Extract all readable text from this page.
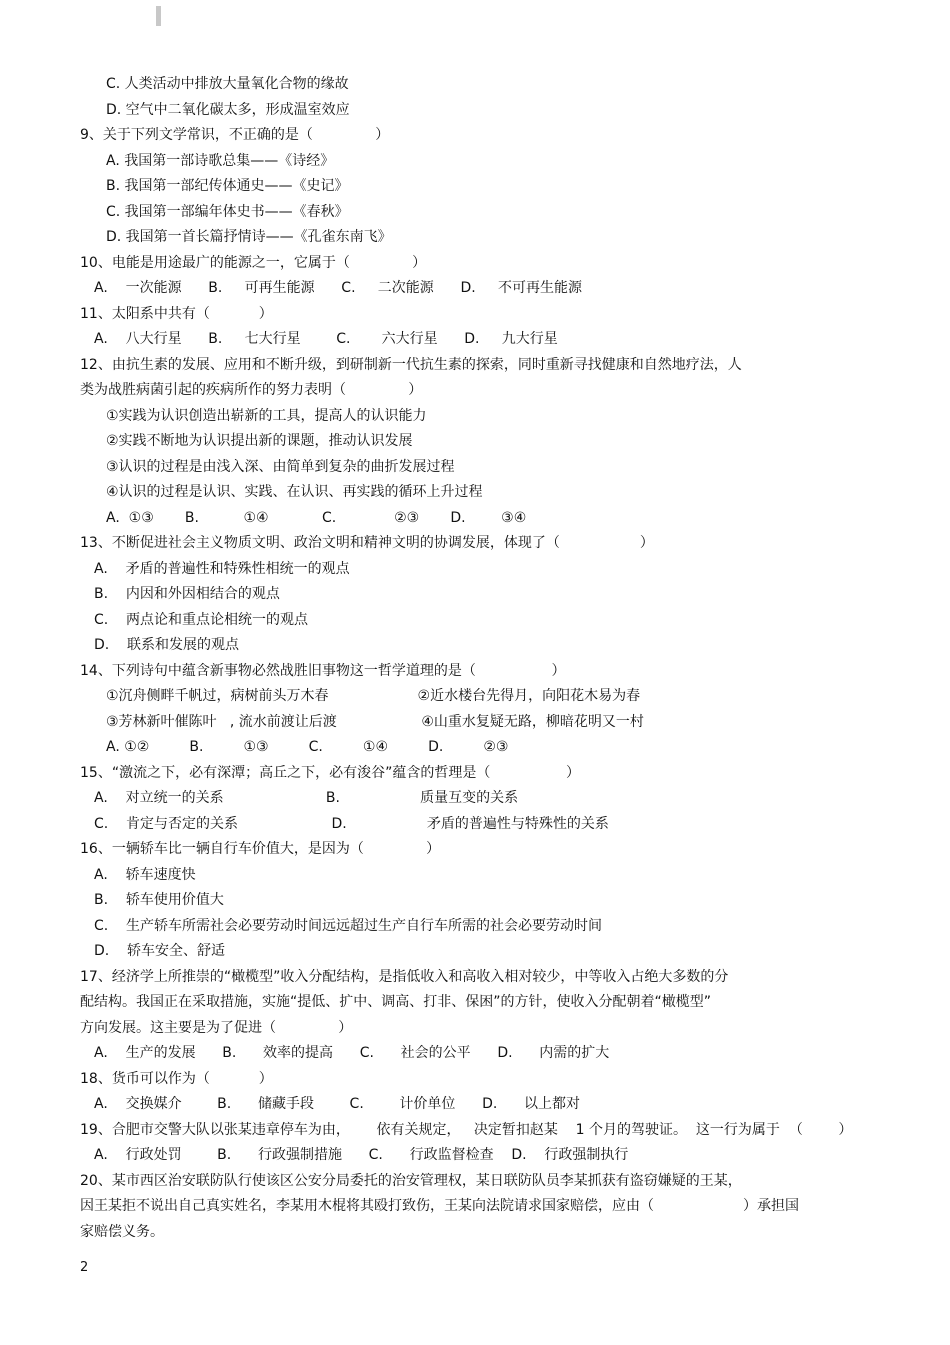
C. 人类活动中排放大量氧化合物的缘故
D. 空气中二氧化碳太多，形成温室效应
9、关于下列文学常识，不正确的是（              ）
A. 我国第一部诗歌总集——《诗经》
B. 我国第一部纪传体通史——《史记》
C. 我国第一部编年体史书——《春秋》
D. 我国第一首长篇抒情诗——《孔雀东南飞》
10、电能是用途最广的能源之一，它属于（              ）
A.    一次能源      B.     可再生能源      C.     二次能源      D.     不可再生能源
11、太阳系中共有（           ）
A.    八大行星      B.     七大行星        C.       六大行星      D.     九大行星
12、由抗生素的发展、应用和不断升级，到研制新一代抗生素的探索，同时重新寻找健康和自然地疗法，人
类为战胜病菌引起的疾病所作的努力表明（              ）
①实践为认识创造出崭新的工具，提高人的认识能力
②实践不断地为认识提出新的课题，推动认识发展
③认识的过程是由浅入深、由简单到复杂的曲折发展过程
④认识的过程是认识、实践、在认识、再实践的循环上升过程
A.  ①③       B.          ①④            C.             ②③       D.        ③④
13、不断促进社会主义物质文明、政治文明和精神文明的协调发展，体现了（                  ）
A.    矛盾的普遍性和特殊性相统一的观点
B.    内因和外因相结合的观点
C.    两点论和重点论相统一的观点
D.    联系和发展的观点
14、下列诗句中蕴含新事物必然战胜旧事物这一哲学道理的是（                 ）
①沉舟侧畔千帆过，病树前头万木春                    ②近水楼台先得月，向阳花木易为春
③芳林新叶催陈叶   , 流水前渡让后渡                   ④山重水复疑无路，柳暗花明又一村
A. ①②         B.         ①③         C.         ①④         D.         ②③
15、“激流之下，必有深潭；高丘之下，必有浚谷”蕴含的哲理是（                 ）
A.    对立统一的关系                       B.                  质量互变的关系
C.    肯定与否定的关系                     D.                  矛盾的普遍性与特殊性的关系
16、一辆轿车比一辆自行车价值大，是因为（              ）
A.    轿车速度快
B.    轿车使用价值大
C.    生产轿车所需社会必要劳动时间远远超过生产自行车所需的社会必要劳动时间
D.    轿车安全、舒适
17、经济学上所推崇的“橄榄型”收入分配结构，是指低收入和高收入相对较少，中等收入占绝大多数的分
配结构。我国正在采取措施，实施“提低、扩中、调高、打非、保困”的方针，使收入分配朝着“橄榄型”
方向发展。这主要是为了促进（              ）
A.    生产的发展      B.      效率的提高      C.      社会的公平      D.      内需的扩大
18、货币可以作为（           ）
A.    交换媒介        B.      储藏手段        C.        计价单位      D.      以上都对
19、合肥市交警大队以张某违章停车为由，      依有关规定，   决定暂扣赵某    1 个月的驾驶证。  这一行为属于  （        ）
A.    行政处罚        B.      行政强制措施      C.      行政监督检查    D.    行政强制执行
20、某市西区治安联防队行使该区公安分局委托的治安管理权，某日联防队员李某抓获有盗窃嫌疑的王某，
因王某拒不说出自己真实姓名，李某用木棍将其殴打致伤，王某向法院请求国家赔偿，应由（                    ）承担国
家赔偿义务。
2
